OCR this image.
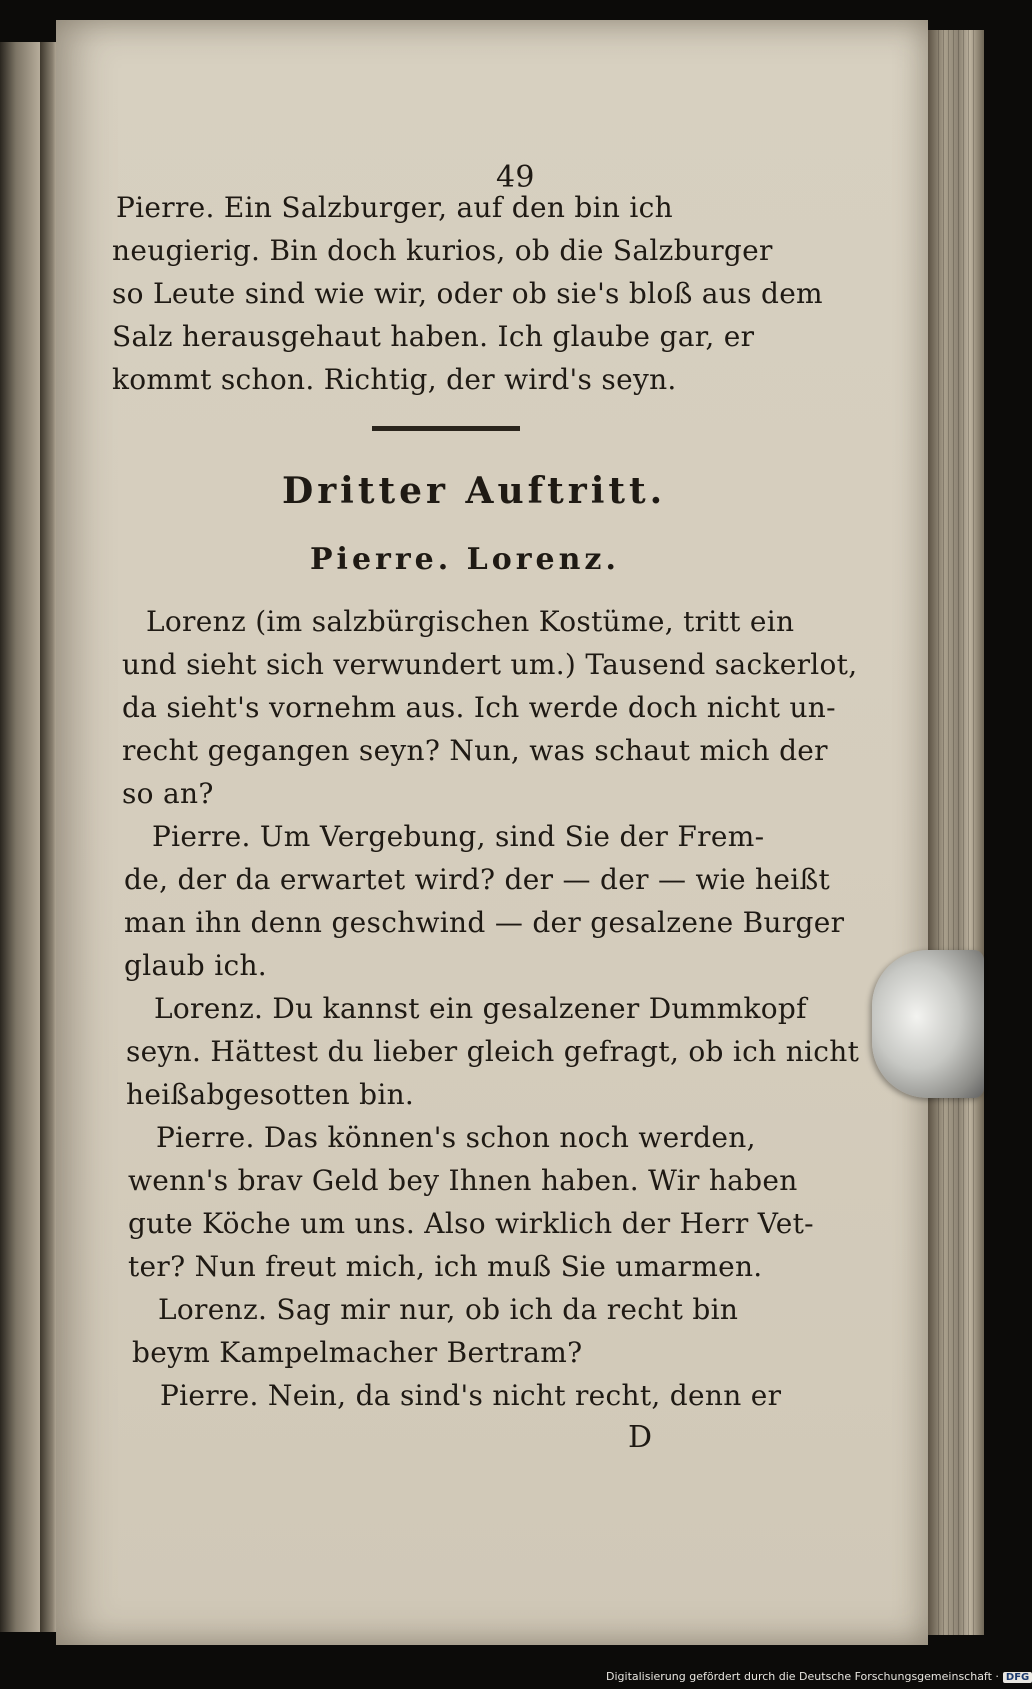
49
Pierre. Ein Salzburger, auf den bin ich
neugierig. Bin doch kurios, ob die Salzburger
so Leute sind wie wir, oder ob sie's bloß aus dem
Salz herausgehaut haben. Ich glaube gar, er
kommt schon. Richtig, der wird's seyn.
Dritter Auftritt.
Pierre. Lorenz.
Lorenz (im salzbürgischen Kostüme, tritt ein
und sieht sich verwundert um.) Tausend sackerlot,
da sieht's vornehm aus. Ich werde doch nicht un-
recht gegangen seyn? Nun, was schaut mich der
so an?
Pierre. Um Vergebung, sind Sie der Frem-
de, der da erwartet wird? der — der — wie heißt
man ihn denn geschwind — der gesalzene Burger
glaub ich.
Lorenz. Du kannst ein gesalzener Dummkopf
seyn. Hättest du lieber gleich gefragt, ob ich nicht
heißabgesotten bin.
Pierre. Das können's schon noch werden,
wenn's brav Geld bey Ihnen haben. Wir haben
gute Köche um uns. Also wirklich der Herr Vet-
ter? Nun freut mich, ich muß Sie umarmen.
Lorenz. Sag mir nur, ob ich da recht bin
beym Kampelmacher Bertram?
Pierre. Nein, da sind's nicht recht, denn er
D
Digitalisierung gefördert durch die Deutsche Forschungsgemeinschaft · DFG
